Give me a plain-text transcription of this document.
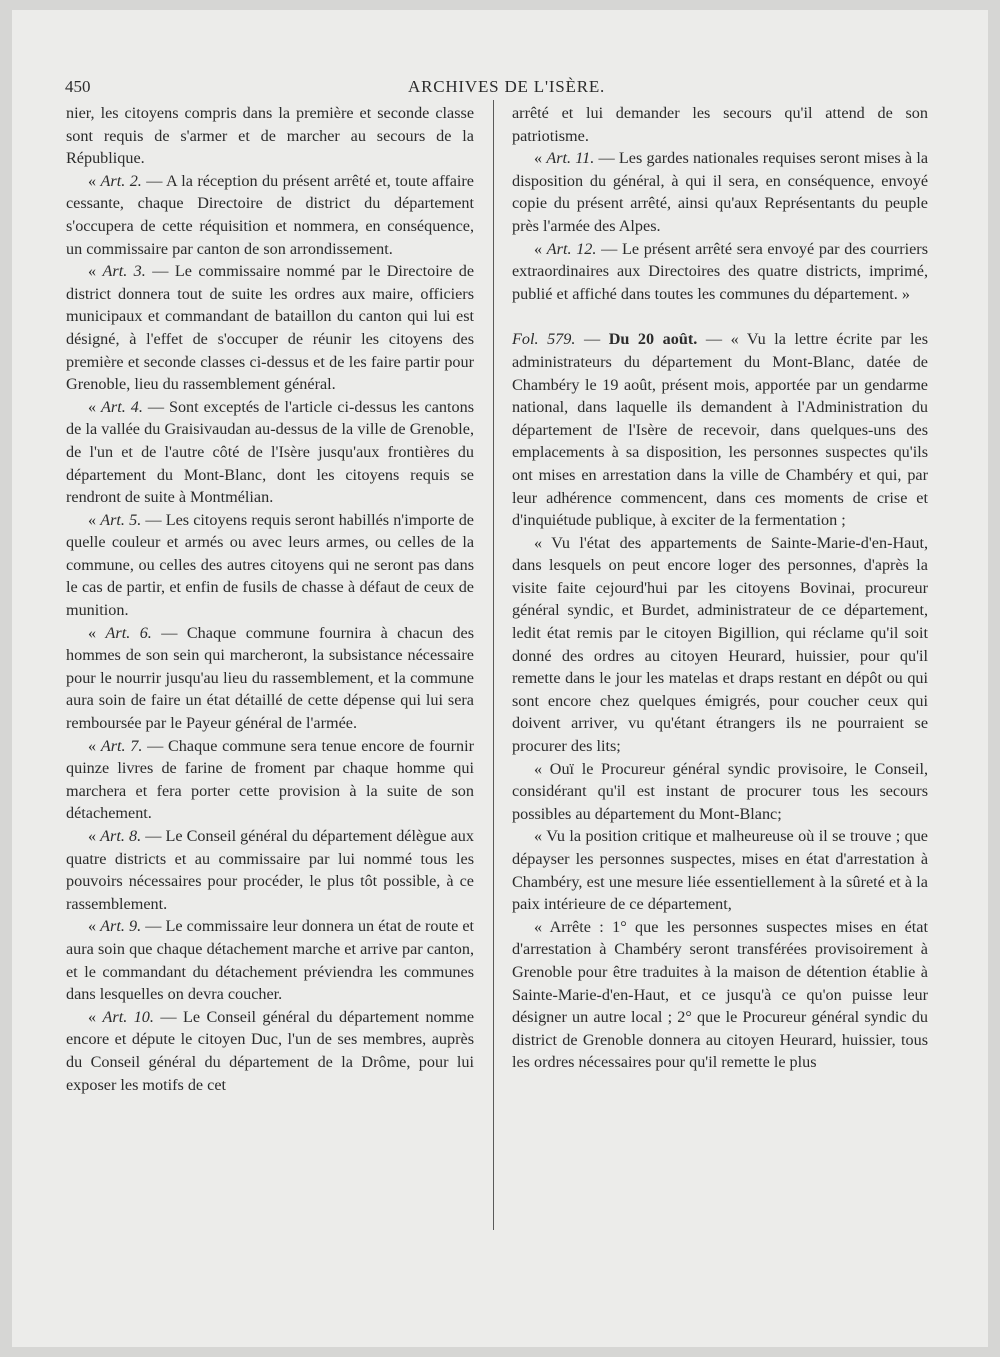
450	ARCHIVES DE L'ISÈRE.

nier, les citoyens compris dans la première et seconde classe sont requis de s'armer et de marcher au secours de la République.

« Art. 2. — A la réception du présent arrêté et, toute affaire cessante, chaque Directoire de district du département s'occupera de cette réquisition et nommera, en conséquence, un commissaire par canton de son arrondissement.

« Art. 3. — Le commissaire nommé par le Directoire de district donnera tout de suite les ordres aux maire, officiers municipaux et commandant de bataillon du canton qui lui est désigné, à l'effet de s'occuper de réunir les citoyens des première et seconde classes ci-dessus et de les faire partir pour Grenoble, lieu du rassemblement général.

« Art. 4. — Sont exceptés de l'article ci-dessus les cantons de la vallée du Graisivaudan au-dessus de la ville de Grenoble, de l'un et de l'autre côté de l'Isère jusqu'aux frontières du département du Mont-Blanc, dont les citoyens requis se rendront de suite à Montmélian.

« Art. 5. — Les citoyens requis seront habillés n'importe de quelle couleur et armés ou avec leurs armes, ou celles de la commune, ou celles des autres citoyens qui ne seront pas dans le cas de partir, et enfin de fusils de chasse à défaut de ceux de munition.

« Art. 6. — Chaque commune fournira à chacun des hommes de son sein qui marcheront, la subsistance nécessaire pour le nourrir jusqu'au lieu du rassemblement, et la commune aura soin de faire un état détaillé de cette dépense qui lui sera remboursée par le Payeur général de l'armée.

« Art. 7. — Chaque commune sera tenue encore de fournir quinze livres de farine de froment par chaque homme qui marchera et fera porter cette provision à la suite de son détachement.

« Art. 8. — Le Conseil général du département délègue aux quatre districts et au commissaire par lui nommé tous les pouvoirs nécessaires pour procéder, le plus tôt possible, à ce rassemblement.

« Art. 9. — Le commissaire leur donnera un état de route et aura soin que chaque détachement marche et arrive par canton, et le commandant du détachement préviendra les communes dans lesquelles on devra coucher.

« Art. 10. — Le Conseil général du département nomme encore et députe le citoyen Duc, l'un de ses membres, auprès du Conseil général du département de la Drôme, pour lui exposer les motifs de cet

arrêté et lui demander les secours qu'il attend de son patriotisme.

« Art. 11. — Les gardes nationales requises seront mises à la disposition du général, à qui il sera, en conséquence, envoyé copie du présent arrêté, ainsi qu'aux Représentants du peuple près l'armée des Alpes.

« Art. 12. — Le présent arrêté sera envoyé par des courriers extraordinaires aux Directoires des quatre districts, imprimé, publié et affiché dans toutes les communes du département. »

Fol. 579. — Du 20 août. — « Vu la lettre écrite par les administrateurs du département du Mont-Blanc, datée de Chambéry le 19 août, présent mois, apportée par un gendarme national, dans laquelle ils demandent à l'Administration du département de l'Isère de recevoir, dans quelques-uns des emplacements à sa disposition, les personnes suspectes qu'ils ont mises en arrestation dans la ville de Chambéry et qui, par leur adhérence commencent, dans ces moments de crise et d'inquiétude publique, à exciter de la fermentation ;

« Vu l'état des appartements de Sainte-Marie-d'en-Haut, dans lesquels on peut encore loger des personnes, d'après la visite faite cejourd'hui par les citoyens Bovinai, procureur général syndic, et Burdet, administrateur de ce département, ledit état remis par le citoyen Bigillion, qui réclame qu'il soit donné des ordres au citoyen Heurard, huissier, pour qu'il remette dans le jour les matelas et draps restant en dépôt ou qui sont encore chez quelques émigrés, pour coucher ceux qui doivent arriver, vu qu'étant étrangers ils ne pourraient se procurer des lits;

« Ouï le Procureur général syndic provisoire, le Conseil, considérant qu'il est instant de procurer tous les secours possibles au département du Mont-Blanc;

« Vu la position critique et malheureuse où il se trouve ; que dépayser les personnes suspectes, mises en état d'arrestation à Chambéry, est une mesure liée essentiellement à la sûreté et à la paix intérieure de ce département,

« Arrête : 1° que les personnes suspectes mises en état d'arrestation à Chambéry seront transférées provisoirement à Grenoble pour être traduites à la maison de détention établie à Sainte-Marie-d'en-Haut, et ce jusqu'à ce qu'on puisse leur désigner un autre local ; 2° que le Procureur général syndic du district de Grenoble donnera au citoyen Heurard, huissier, tous les ordres nécessaires pour qu'il remette le plus
